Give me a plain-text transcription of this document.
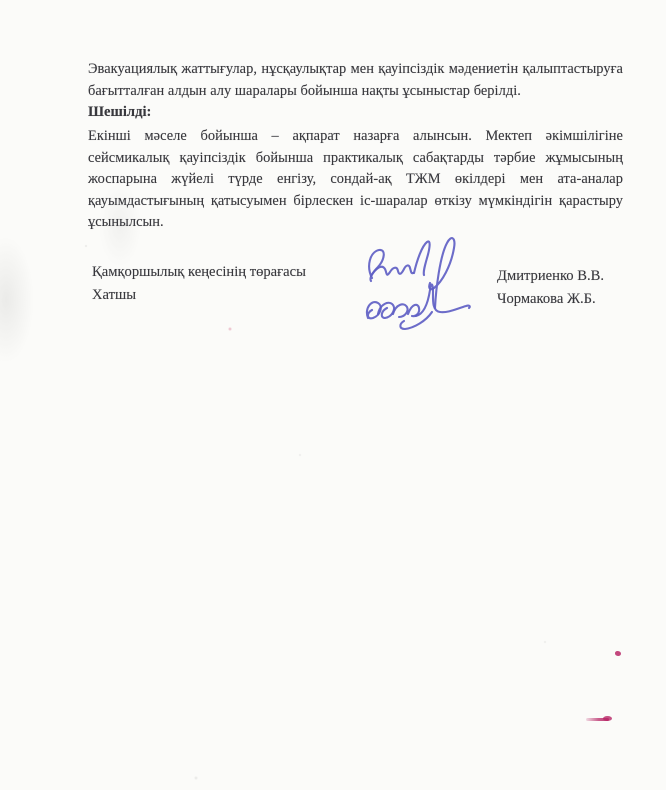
Эвакуациялық жаттығулар, нұсқаулықтар мен қауіпсіздік мәдениетін қалыптастыруға бағытталған алдын алу шаралары бойынша нақты ұсыныстар берілді.

Шешілді:

Екінші мәселе бойынша – ақпарат назарға алынсын. Мектеп әкімшілігіне сейсмикалық қауіпсіздік бойынша практикалық сабақтарды тәрбие жұмысының жоспарына жүйелі түрде енгізу, сондай-ақ ТЖМ өкілдері мен ата-аналар қауымдастығының қатысуымен бірлескен іс-шаралар өткізу мүмкіндігін қарастыру ұсынылсын.

Қамқоршылық кеңесінің төрағасы
Хатшы
Дмитриенко В.В.
Чормакова Ж.Б.
